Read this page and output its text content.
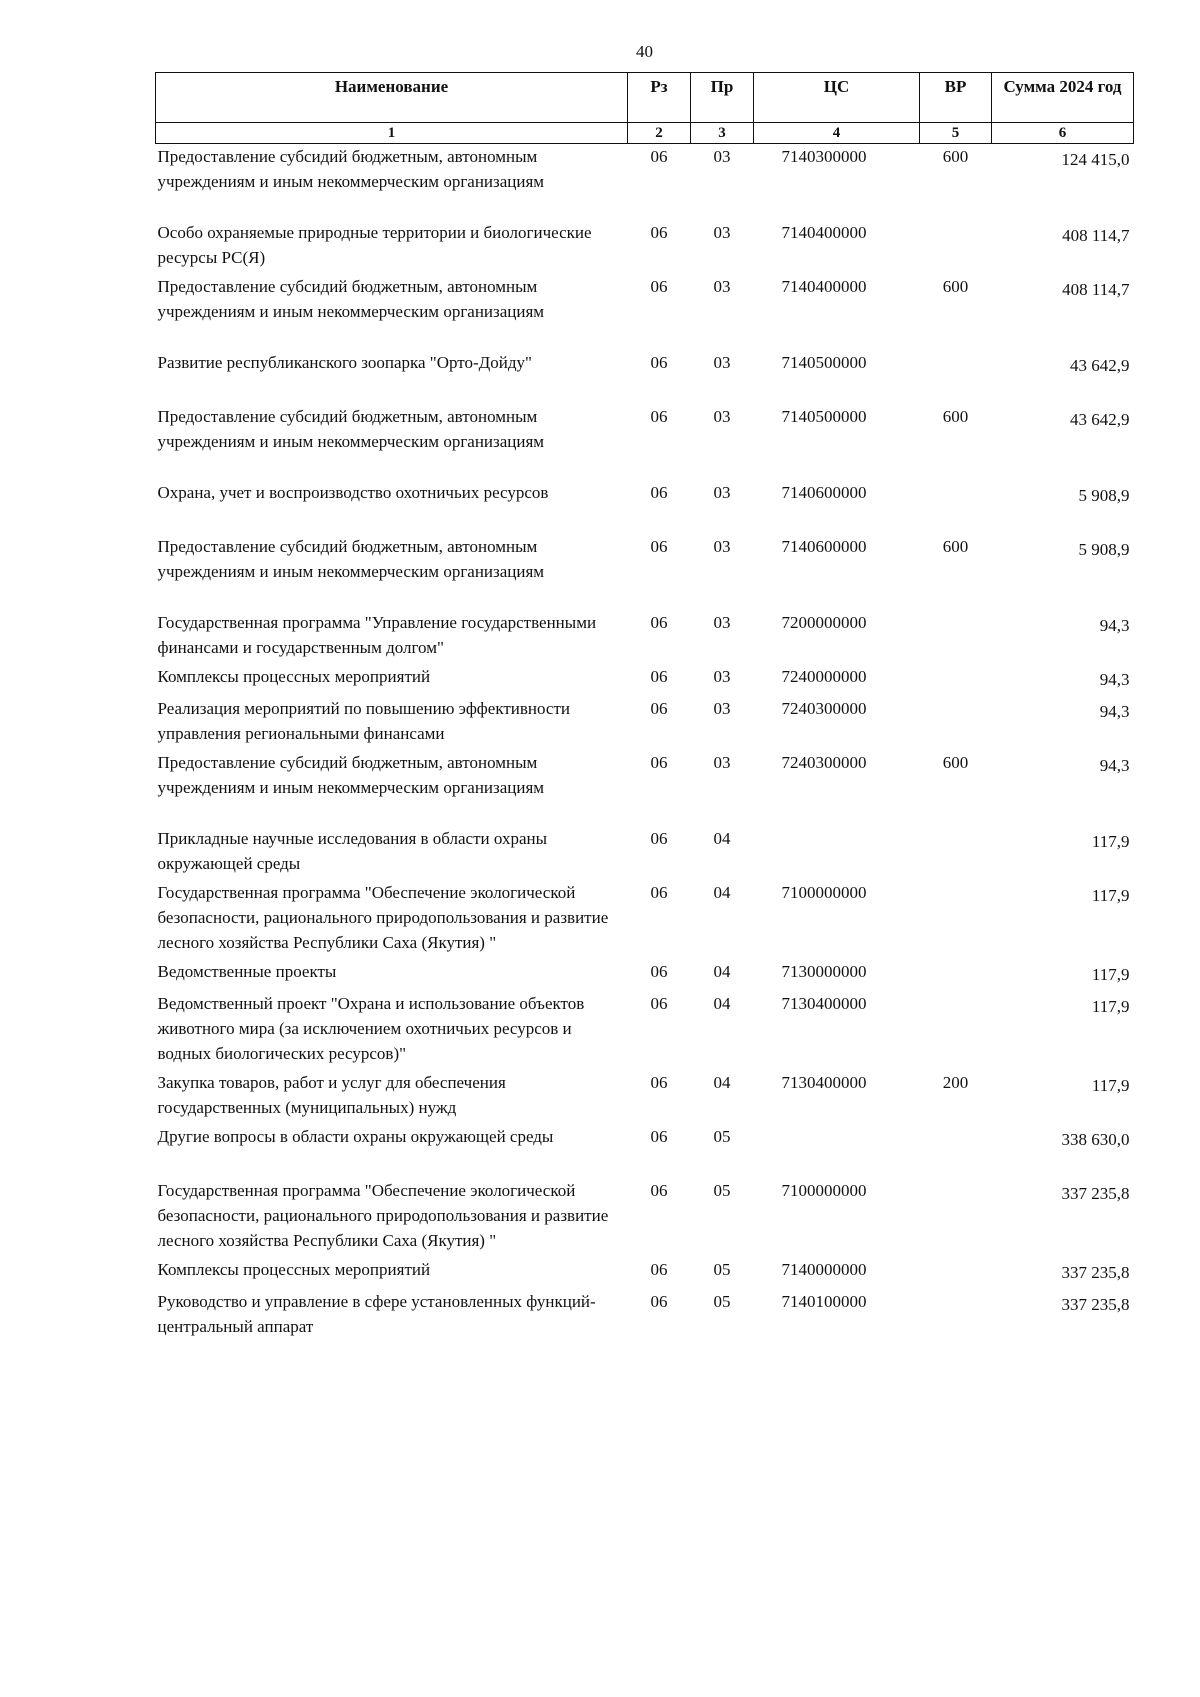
40
Наименование	Рз	Пр	ЦС	ВР	Сумма 2024 год
1	2	3	4	5	6
Предоставление субсидий бюджетным, автономным учреждениям и иным некоммерческим организациям	06	03	7140300000	600	124 415,0
Особо охраняемые природные территории и биологические ресурсы РС(Я)	06	03	7140400000		408 114,7
Предоставление субсидий бюджетным, автономным учреждениям и иным некоммерческим организациям	06	03	7140400000	600	408 114,7
Развитие республиканского зоопарка "Орто-Дойду"	06	03	7140500000		43 642,9
Предоставление субсидий бюджетным, автономным учреждениям и иным некоммерческим организациям	06	03	7140500000	600	43 642,9
Охрана, учет и воспроизводство охотничьих ресурсов	06	03	7140600000		5 908,9
Предоставление субсидий бюджетным, автономным учреждениям и иным некоммерческим организациям	06	03	7140600000	600	5 908,9
Государственная программа "Управление государственными финансами и государственным долгом"	06	03	7200000000		94,3
Комплексы процессных мероприятий	06	03	7240000000		94,3
Реализация мероприятий по повышению эффективности управления региональными финансами	06	03	7240300000		94,3
Предоставление субсидий бюджетным, автономным учреждениям и иным некоммерческим организациям	06	03	7240300000	600	94,3
Прикладные научные исследования в области охраны окружающей среды	06	04			117,9
Государственная программа "Обеспечение экологической безопасности, рационального природопользования и развитие лесного хозяйства Республики Саха (Якутия) "	06	04	7100000000		117,9
Ведомственные проекты	06	04	7130000000		117,9
Ведомственный проект "Охрана и использование объектов животного мира (за исключением охотничьих ресурсов и водных биологических ресурсов)"	06	04	7130400000		117,9
Закупка товаров, работ и услуг для обеспечения государственных (муниципальных) нужд	06	04	7130400000	200	117,9
Другие вопросы в области охраны окружающей среды	06	05			338 630,0
Государственная программа "Обеспечение экологической безопасности, рационального природопользования и развитие лесного хозяйства Республики Саха (Якутия) "	06	05	7100000000		337 235,8
Комплексы процессных мероприятий	06	05	7140000000		337 235,8
Руководство и управление в сфере установленных функций-центральный аппарат	06	05	7140100000		337 235,8
